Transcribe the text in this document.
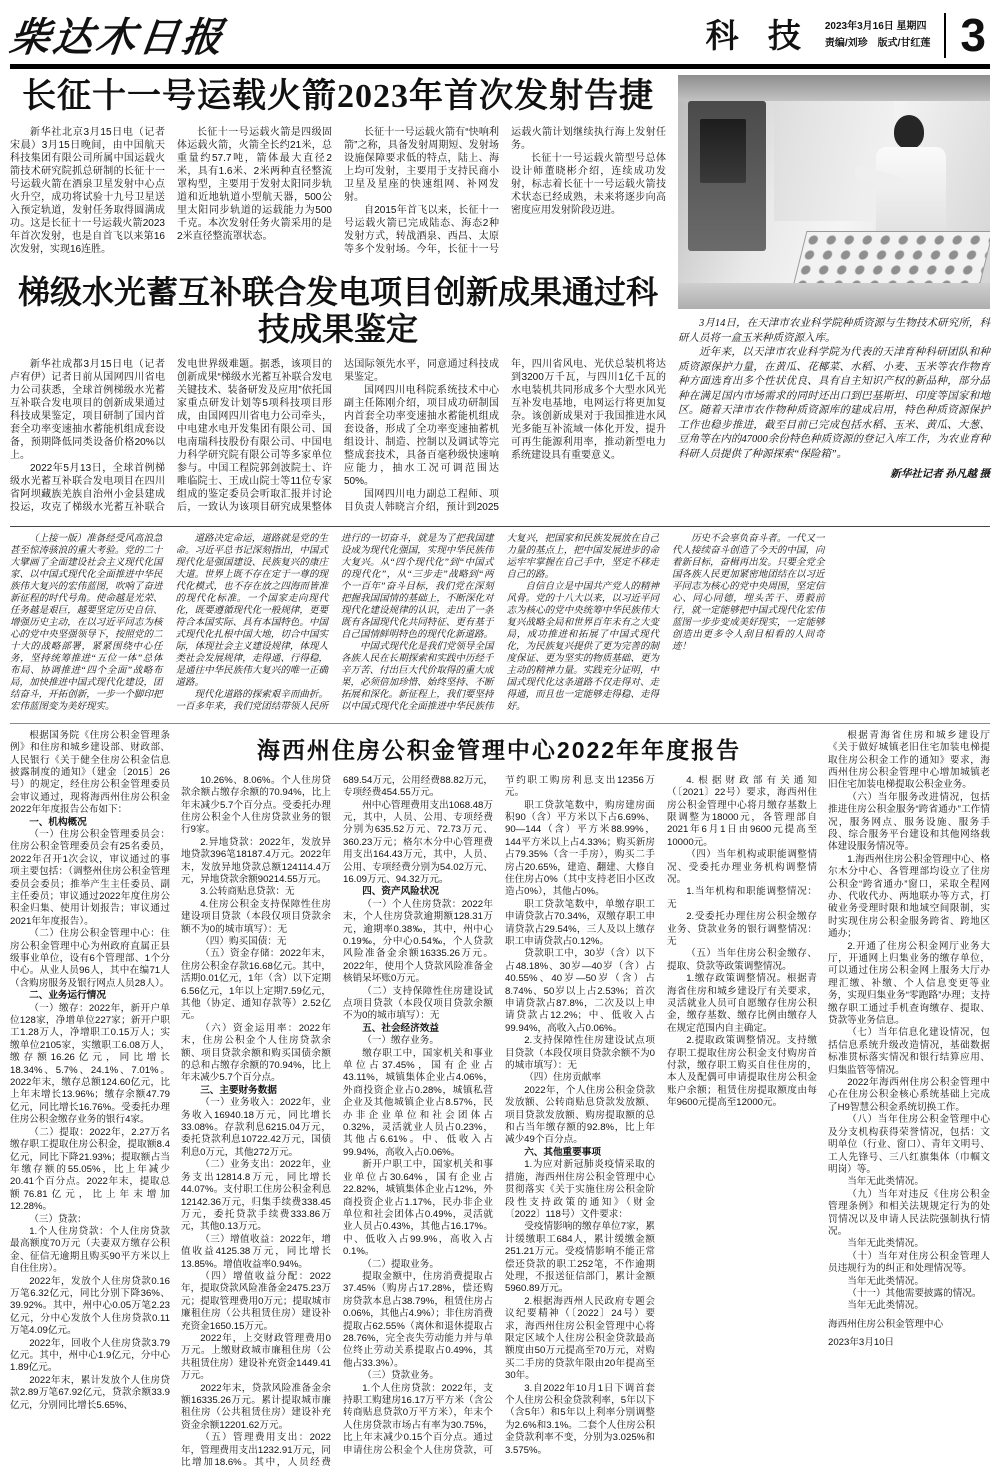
柴达木日报	科 技 2023年3月16日 星期四
责编/刘珍　版式/甘红莲 3
长征十一号运载火箭2023年首次发射告捷

新华社北京3月15日电（记者 宋晨）3月15日晚间，由中国航天科技集团有限公司所属中国运载火箭技术研究院抓总研制的长征十一号运载火箭在酒泉卫星发射中心点火升空，成功将试验十九号卫星送入预定轨道，发射任务取得圆满成功。这是长征十一号运载火箭2023年首次发射，也是自首飞以来第16次发射，实现16连胜。

长征十一号运载火箭是四级固体运载火箭，火箭全长约21米，总重量约57.7吨，箭体最大直径2米，具有1.6米、2米两种直径整流罩构型，主要用于发射太阳同步轨道和近地轨道小型航天器，500公里太阳同步轨道的运载能力为500千克。本次发射任务火箭采用的是2米直径整流罩状态。

长征十一号运载火箭有“快响利箭”之称，具备发射周期短、发射场设施保障要求低的特点，陆上、海上均可发射，主要用于支持民商小卫星及星座的快速组网、补网发射。

自2015年首飞以来，长征十一号运载火箭已完成陆态、海态2种发射方式，转战酒泉、西昌、太原等多个发射场。今年，长征十一号运载火箭计划继续执行海上发射任务。

长征十一号运载火箭型号总体设计师董晓彬介绍，连续成功发射，标志着长征十一号运载火箭技术状态已经成熟，未来将逐步向高密度应用发射阶段迈进。

梯级水光蓄互补联合发电项目创新成果通过科技成果鉴定

新华社成都3月15日电（记者 卢宥伊）记者日前从国网四川省电力公司获悉，全球首例梯级水光蓄互补联合发电项目的创新成果通过科技成果鉴定，项目研制了国内首套全功率变速抽水蓄能机组成套设备，预期降低同类设备价格20%以上。

2022年5月13日，全球首例梯级水光蓄互补联合发电项目在四川省阿坝藏族羌族自治州小金县建成投运，攻克了梯级水光蓄互补联合发电世界级难题。据悉，该项目的创新成果“梯级水光蓄互补联合发电关键技术、装备研发及应用”依托国家重点研发计划等5项科技项目形成，由国网四川省电力公司牵头，中电建水电开发集团有限公司、国电南瑞科技股份有限公司、中国电力科学研究院有限公司等多家单位参与。中国工程院郭剑波院士、许唯临院士、王成山院士等11位专家组成的鉴定委员会听取汇报并讨论后，一致认为该项目研究成果整体达国际领先水平，同意通过科技成果鉴定。

国网四川电科院系统技术中心副主任陈刚介绍，项目成功研制国内首套全功率变速抽水蓄能机组成套设备，形成了全功率变速抽蓄机组设计、制造、控制以及调试等完整成套技术，具备百毫秒级快速响应能力，抽水工况可调范围达50%。

国网四川电力副总工程师、项目负责人韩晓言介绍，预计到2025年，四川省风电、光伏总装机将达到3200万千瓦，与四川1亿千瓦的水电装机共同形成多个大型水风光互补发电基地，电网运行将更加复杂。该创新成果对于我国推进水风光多能互补流域一体化开发，提升可再生能源利用率，推动新型电力系统建设具有重要意义。

3月14日，在天津市农业科学院种质资源与生物技术研究所，科研人员将一盒玉米种质资源入库。

近年来，以天津市农业科学院为代表的天津育种科研团队和种质资源保护力量，在黄瓜、花椰菜、水稻、小麦、玉米等农作物育种方面选育出多个性状优良、具有自主知识产权的新品种，部分品种在满足国内市场需求的同时还出口到巴基斯坦、印度等国家和地区。随着天津市农作物种质资源库的建成启用，特色种质资源保护工作也稳步推进，截至目前已完成包括水稻、玉米、黄瓜、大葱、豆角等在内的47000余份特色种质资源的登记入库工作，为农业育种科研人员提供了种源探索“保险箱”。

新华社记者 孙凡越 摄

（上接一版）准备经受风高浪急甚至惊涛骇浪的重大考验。党的二十大擘画了全面建设社会主义现代化国家、以中国式现代化全面推进中华民族伟大复兴的宏伟蓝图，吹响了奋进新征程的时代号角。使命越是光荣、任务越是艰巨，越要坚定历史自信、增强历史主动，在以习近平同志为核心的党中央坚强领导下，按照党的二十大的战略部署，紧紧围绕中心任务，坚持统筹推进“五位一体”总体布局、协调推进“四个全面”战略布局，加快推进中国式现代化建设，团结奋斗，开拓创新，一步一个脚印把宏伟蓝图变为美好现实。

道路决定命运，道路就是党的生命。习近平总书记深刻指出，中国式现代化是强国建设、民族复兴的康庄大道。世界上既不存在定于一尊的现代化模式，也不存在放之四海而皆准的现代化标准。一个国家走向现代化，既要遵循现代化一般规律，更要符合本国实际、具有本国特色。中国式现代化扎根中国大地，切合中国实际，体现社会主义建设规律，体现人类社会发展规律，走得通、行得稳，是通往中华民族伟大复兴的唯一正确道路。

现代化道路的探索艰辛而曲折。一百多年来，我们党团结带领人民所进行的一切奋斗，就是为了把我国建设成为现代化强国，实现中华民族伟大复兴。从“四个现代化”到“中国式的现代化”，从“三步走”战略到“两个一百年”奋斗目标，我们党在深刻把握我国国情的基础上，不断深化对现代化建设规律的认识，走出了一条既有各国现代化共同特征、更有基于自己国情鲜明特色的现代化新道路。

中国式现代化是我们党领导全国各族人民在长期探索和实践中历经千辛万苦、付出巨大代价取得的重大成果，必须倍加珍惜、始终坚持、不断拓展和深化。新征程上，我们要坚持以中国式现代化全面推进中华民族伟大复兴，把国家和民族发展放在自己力量的基点上，把中国发展进步的命运牢牢掌握在自己手中，坚定不移走自己的路。

自信自立是中国共产党人的精神风骨。党的十八大以来，以习近平同志为核心的党中央统筹中华民族伟大复兴战略全局和世界百年未有之大变局，成功推进和拓展了中国式现代化，为民族复兴提供了更为完善的制度保证、更为坚实的物质基础、更为主动的精神力量。实践充分证明，中国式现代化这条道路不仅走得对、走得通，而且也一定能够走得稳、走得好。

历史不会辜负奋斗者。一代又一代人接续奋斗创造了今天的中国，向着新目标，奋楫再出发。只要全党全国各族人民更加紧密地团结在以习近平同志为核心的党中央周围，坚定信心、同心同德，埋头苦干、勇毅前行，就一定能够把中国式现代化宏伟蓝图一步步变成美好现实，一定能够创造出更多令人刮目相看的人间奇迹！

根据国务院《住房公积金管理条例》和住房和城乡建设部、财政部、人民银行《关于健全住房公积金信息披露制度的通知》（建金〔2015〕26号）的规定，经住房公积金管理委员会审议通过，现将海西州住房公积金2022年年度报告公布如下：

一、机构概况

（一）住房公积金管理委员会：住房公积金管理委员会有25名委员，2022年召开1次会议，审议通过的事项主要包括：（调整州住房公积金管理委员会委员；推举产生主任委员、副主任委员；审议通过2022年度住房公积金归集、使用计划报告；审议通过2021年年度报告）。

（二）住房公积金管理中心：住房公积金管理中心为州政府直属正县级事业单位，设有6个管理部、1个分中心。从业人员96人，其中在编71人（含购房服务及银行网点人员28人）。

二、业务运行情况

（一）缴存：2022年，新开户单位128家，净增单位227家；新开户职工1.28万人，净增职工0.15万人；实缴单位2105家，实缴职工6.08万人，缴存额16.26亿元，同比增长18.34%、5.7%、24.1%、7.01%。2022年末，缴存总额124.60亿元，比上年末增长13.96%；缴存余额47.79亿元，同比增长16.76%。受委托办理住房公积金缴存业务的银行4家。

（二）提取：2022年，2.27万名缴存职工提取住房公积金，提取额8.4亿元，同比下降21.93%；提取额占当年缴存额的55.05%，比上年减少20.41个百分点。2022年末，提取总额76.81亿元，比上年末增加12.28%。

（三）贷款：

1.个人住房贷款：个人住房贷款最高额度70万元（夫妻双方缴存公积金、征信无逾期且购买90平方米以上自住住房）。

2022年，发放个人住房贷款0.16万笔6.32亿元，同比分别下降36%、39.92%。其中，州中心0.05万笔2.23亿元，分中心发放个人住房贷款0.11万笔4.09亿元。

2022年，回收个人住房贷款3.79亿元。其中，州中心1.9亿元，分中心1.89亿元。

2022年末，累计发放个人住房贷款2.89万笔67.92亿元，贷款余额33.9亿元，分别同比增长5.65%、

海西州住房公积金管理中心2022年年度报告

10.26%、8.06%。个人住房贷款余额占缴存余额的70.94%，比上年末减少5.7个百分点。受委托办理住房公积金个人住房贷款业务的银行9家。

2.异地贷款：2022年，发放异地贷款396笔18187.4万元。2022年末，发放异地贷款总额124114.4万元，异地贷款余额90214.55万元。

3.公转商贴息贷款：无

4.住房公积金支持保障性住房建设项目贷款（本段仅项目贷款余额不为0的城市填写）：无

（四）购买国债：无

（五）资金存储：2022年末，住房公积金存款16.68亿元。其中，活期0.01亿元，1年（含）以下定期6.56亿元，1年以上定期7.59亿元，其他（协定、通知存款等）2.52亿元。

（六）资金运用率：2022年末，住房公积金个人住房贷款余额、项目贷款余额和购买国债余额的总和占缴存余额的70.94%，比上年末减少5.7个百分点。

三、主要财务数据

（一）业务收入：2022年，业务收入16940.18万元，同比增长33.08%。存款利息6215.04万元，委托贷款利息10722.42万元，国债利息0万元，其他272万元。

（二）业务支出：2022年，业务支出12814.8万元，同比增长44.07%。支付职工住房公积金利息12142.36万元，归集手续费338.45万元，委托贷款手续费333.86万元，其他0.13万元。

（三）增值收益：2022年，增值收益4125.38万元，同比增长13.85%。增值收益率0.94%。

（四）增值收益分配：2022年，提取贷款风险准备金2475.23万元；提取管理费用0万元；提取城市廉租住房（公共租赁住房）建设补充资金1650.15万元。

2022年，上交财政管理费用0万元。上缴财政城市廉租住房（公共租赁住房）建设补充资金1449.41万元。

2022年末，贷款风险准备金余额16335.26万元。累计提取城市廉租住房（公共租赁住房）建设补充资金余额12201.62万元。

（五）管理费用支出：2022年，管理费用支出1232.91万元，同比增加18.6%。其中，人员经费689.54万元，公用经费88.82万元，专项经费454.55万元。

州中心管理费用支出1068.48万元，其中，人员、公用、专项经费分别为635.52万元、72.73万元、360.23万元；格尔木分中心管理费用支出164.43万元，其中，人员、公用、专项经费分别为54.02万元、16.09万元、94.32万元。

四、资产风险状况

（一）个人住房贷款：2022年末，个人住房贷款逾期额128.31万元，逾期率0.38‰，其中，州中心0.19‰，分中心0.54‰，个人贷款风险准备金余额16335.26万元。2022年，使用个人贷款风险准备金核销呆坏账0万元。

（二）支持保障性住房建设试点项目贷款（本段仅项目贷款余额不为0的城市填写）：无

五、社会经济效益

（一）缴存业务。

缴存职工中，国家机关和事业单位占37.45%，国有企业占43.11%，城镇集体企业占4.06%，外商投资企业占0.28%，城镇私营企业及其他城镇企业占8.57%，民办非企业单位和社会团体占0.32%，灵活就业人员占0.23%，其他占6.61%。中、低收入占99.94%，高收入占0.06%。

新开户职工中，国家机关和事业单位占30.64%，国有企业占22.82%，城镇集体企业占12%，外商投资企业占1.17%，民办非企业单位和社会团体占0.49%，灵活就业人员占0.43%，其他占16.17%。中、低收入占99.9%，高收入占0.1%。

（二）提取业务。

提取金额中，住房消费提取占37.45%（购房占17.28%，偿还购房贷款本息占38.79%，租赁住房占0.06%，其他占4.9%）；非住房消费提取占62.55%（离休和退休提取占28.76%，完全丧失劳动能力并与单位终止劳动关系提取占0.49%，其他占33.3%）。

（三）贷款业务。

1.个人住房贷款：2022年，支持职工购建房16.17万平方米（含公转商贴息贷款0万平方米），年末个人住房贷款市场占有率为30.75%，比上年末减少0.15个百分点。通过申请住房公积金个人住房贷款，可节约职工购房利息支出12356万元。

职工贷款笔数中，购房建房面积90（含）平方米以下占6.69%、90—144（含）平方米88.99%，144平方米以上占4.33%；购买新房占79.35%（含一手房），购买二手房占20.65%，建造、翻建、大修自住住房占0%（其中支持老旧小区改造占0%），其他占0%。

职工贷款笔数中，单缴存职工申请贷款占70.34%，双缴存职工申请贷款占29.54%，三人及以上缴存职工申请贷款占0.12%。

贷款职工中，30岁（含）以下占48.18%、30岁—40岁（含）占40.55%、40岁—50岁（含）占8.74%、50岁以上占2.53%；首次申请贷款占87.8%，二次及以上申请贷款占12.2%；中、低收入占99.94%，高收入占0.06%。

2.支持保障性住房建设试点项目贷款（本段仅项目贷款余额不为0的城市填写）：无

（四）住房贡献率

2022年，个人住房公积金贷款发放额、公转商贴息贷款发放额、项目贷款发放额、购房提取额的总和占当年缴存额的92.8%，比上年减少49个百分点。

六、其他重要事项

1.为应对新冠肺炎疫情采取的措施，海西州住房公积金管理中心贯彻落实《关于实施住房公积金阶段性支持政策的通知》（财金〔2022〕118号）文件要求：

受疫情影响的缴存单位7家，累计缓缴职工684人，累计缓缴金额251.21万元。受疫情影响不能正常偿还贷款的职工252笔，不作逾期处理，不报送征信部门，累计金额5960.89万元。

2.根据海西州人民政府专题会议纪要精神（〔2022〕24号）要求，海西州住房公积金管理中心将限定区域个人住房公积金贷款最高额度由50万元提高至70万元，对购买二手房的贷款年限由20年提高至30年。

3.自2022年10月1日下调首套个人住房公积金贷款利率，5年以下（含5年）和5年以上利率分别调整为2.6%和3.1%。二套个人住房公积金贷款利率不变，分别为3.025%和3.575%。

4.根据财政部有关通知（〔2021〕22号）要求，海西州住房公积金管理中心将月缴存基数上限调整为18000元，各管理部自2021年6月1日由9600元提高至10000元。

（四）当年机构或职能调整情况、受委托办理业务机构调整情况。

1.当年机构和职能调整情况：无

2.受委托办理住房公积金缴存业务、贷款业务的银行调整情况：无

（五）当年住房公积金缴存、提取、贷款等政策调整情况。

1.缴存政策调整情况。根据青海省住房和城乡建设厅有关要求，灵活就业人员可自愿缴存住房公积金，缴存基数、缴存比例由缴存人在规定范围内自主确定。

2.提取政策调整情况。支持缴存职工提取住房公积金支付购房首付款，缴存职工购买自住住房的，本人及配偶可申请提取住房公积金账户余额；租赁住房提取额度由每年9600元提高至12000元。

根据青海省住房和城乡建设厅《关于做好城镇老旧住宅加装电梯提取住房公积金工作的通知》要求，海西州住房公积金管理中心增加城镇老旧住宅加装电梯提取公积金业务。

（六）当年服务改进情况，包括推进住房公积金服务“跨省通办”工作情况，服务网点、服务设施、服务手段、综合服务平台建设和其他网络载体建设服务情况等。

1.海西州住房公积金管理中心、格尔木分中心、各管理部均设立了住房公积金“跨省通办”窗口，采取全程网办、代收代办、两地联办等方式，打破业务受理时限和地域空间限制，实时实现住房公积金服务跨省、跨地区通办；

2.开通了住房公积金网厅业务大厅，开通网上归集业务的缴存单位，可以通过住房公积金网上服务大厅办理汇缴、补缴、个人信息变更等业务，实现归集业务“零跑路”办理；支持缴存职工通过手机查询缴存、提取、贷款等业务信息。

（七）当年信息化建设情况，包括信息系统升级改造情况，基础数据标准贯标落实情况和银行结算应用、归集监管等情况。

2022年海西州住房公积金管理中心在住房公积金核心系统基础上完成了H9智慧公积金系统切换工作。

（八）当年住房公积金管理中心及分支机构获得荣誉情况，包括：文明单位（行业、窗口）、青年文明号、工人先锋号、三八红旗集体（巾帼文明岗）等。

当年无此类情况。

（九）当年对违反《住房公积金管理条例》和相关法规规定行为的处罚情况以及申请人民法院强制执行情况。

当年无此类情况。

（十）当年对住房公积金管理人员违规行为的纠正和处理情况等。

当年无此类情况。

（十一）其他需要披露的情况。

当年无此类情况。

海西州住房公积金管理中心

2023年3月10日
